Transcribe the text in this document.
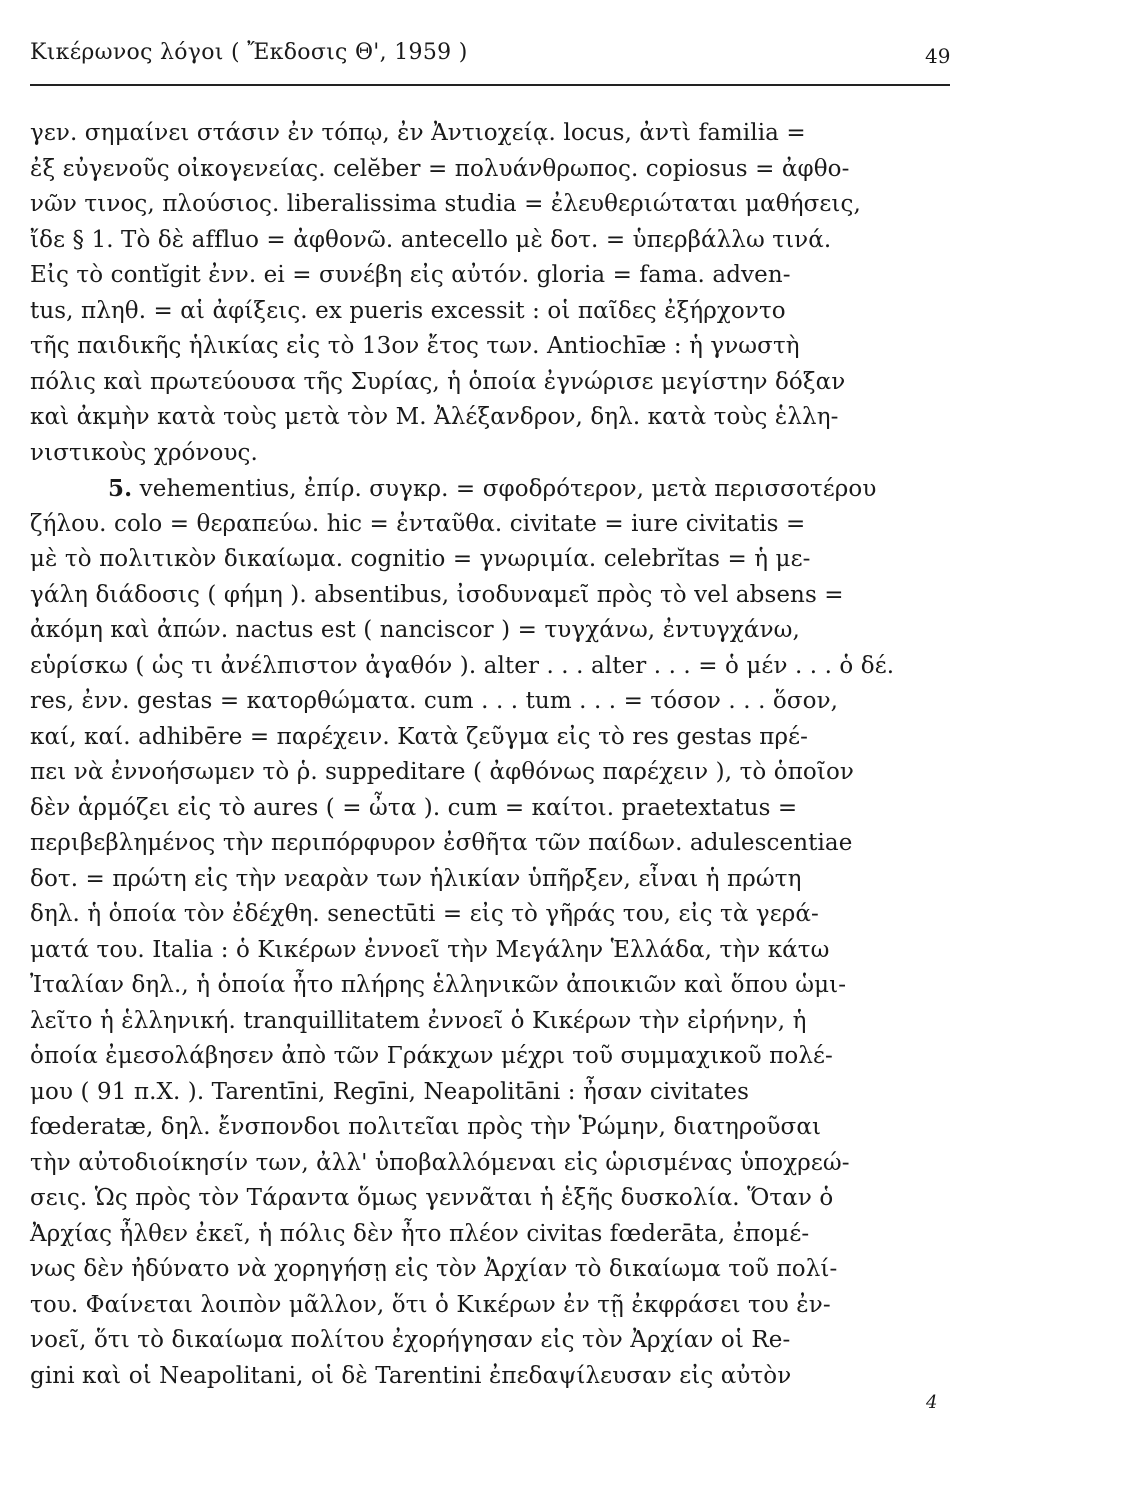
Κικέρωνος λόγοι ( Ἔκδοσις Θ', 1959 )	49
γεν. σημαίνει στάσιν ἐν τόπῳ, ἐν Ἀντιοχείᾳ. locus, ἀντὶ familia =
ἐξ εὐγενοῦς οἰκογενείας. celĕber = πολυάνθρωπος. copiosus = ἀφθο-
νῶν τινος, πλούσιος. liberalissima studia = ἐλευθεριώταται μαθήσεις,
ἴδε § 1. Τὸ δὲ affluo = ἀφθονῶ. antecello μὲ δοτ. = ὑπερβάλλω τινά.
Εἰς τὸ contĭgit ἐνν. ei = συνέβη εἰς αὐτόν. gloria = fama. adven-
tus, πληθ. = αἱ ἀφίξεις. ex pueris excessit : οἱ παῖδες ἐξήρχοντο
τῆς παιδικῆς ἡλικίας εἰς τὸ 13ον ἔτος των. Antiochīæ : ἡ γνωστὴ
πόλις καὶ πρωτεύουσα τῆς Συρίας, ἡ ὁποία ἐγνώρισε μεγίστην δόξαν
καὶ ἀκμὴν κατὰ τοὺς μετὰ τὸν Μ. Ἀλέξανδρον, δηλ. κατὰ τοὺς ἑλλη-
νιστικοὺς χρόνους.
5. vehementius, ἐπίρ. συγκρ. = σφοδρότερον, μετὰ περισσοτέρου
ζήλου. colo = θεραπεύω. hic = ἐνταῦθα. civitate = iure civitatis =
μὲ τὸ πολιτικὸν δικαίωμα. cognitio = γνωριμία. celebrĭtas = ἡ με-
γάλη διάδοσις ( φήμη ). absentibus, ἰσοδυναμεῖ πρὸς τὸ vel absens =
ἀκόμη καὶ ἀπών. nactus est ( nanciscor ) = τυγχάνω, ἐντυγχάνω,
εὑρίσκω ( ὡς τι ἀνέλπιστον ἀγαθόν ). alter . . . alter . . . = ὁ μέν . . . ὁ δέ.
res, ἐνν. gestas = κατορθώματα. cum . . . tum . . . = τόσον . . . ὅσον,
καί, καί. adhibēre = παρέχειν. Κατὰ ζεῦγμα εἰς τὸ res gestas πρέ-
πει νὰ ἐννοήσωμεν τὸ ῥ. suppeditare ( ἀφθόνως παρέχειν ), τὸ ὁποῖον
δὲν ἁρμόζει εἰς τὸ aures ( = ὦτα ). cum = καίτοι. praetextatus =
περιβεβλημένος τὴν περιπόρφυρον ἐσθῆτα τῶν παίδων. adulescentiae
δοτ. = πρώτη εἰς τὴν νεαρὰν των ἡλικίαν ὑπῆρξεν, εἶναι ἡ πρώτη
δηλ. ἡ ὁποία τὸν ἐδέχθη. senectūti = εἰς τὸ γῆράς του, εἰς τὰ γερά-
ματά του. Italia : ὁ Κικέρων ἐννοεῖ τὴν Μεγάλην Ἑλλάδα, τὴν κάτω
Ἰταλίαν δηλ., ἡ ὁποία ἦτο πλήρης ἑλληνικῶν ἀποικιῶν καὶ ὅπου ὡμι-
λεῖτο ἡ ἑλληνική. tranquillitatem ἐννοεῖ ὁ Κικέρων τὴν εἰρήνην, ἡ
ὁποία ἐμεσολάβησεν ἀπὸ τῶν Γράκχων μέχρι τοῦ συμμαχικοῦ πολέ-
μου ( 91 π.Χ. ). Tarentīni, Regīni, Neapolitāni : ἦσαν civitates
fœderatæ, δηλ. ἔνσπονδοι πολιτεῖαι πρὸς τὴν Ῥώμην, διατηροῦσαι
τὴν αὐτοδιοίκησίν των, ἀλλ' ὑποβαλλόμεναι εἰς ὡρισμένας ὑποχρεώ-
σεις. Ὡς πρὸς τὸν Τάραντα ὅμως γεννᾶται ἡ ἑξῆς δυσκολία. Ὅταν ὁ
Ἀρχίας ἦλθεν ἐκεῖ, ἡ πόλις δὲν ἦτο πλέον civitas fœderāta, ἐπομέ-
νως δὲν ἠδύνατο νὰ χορηγήσῃ εἰς τὸν Ἀρχίαν τὸ δικαίωμα τοῦ πολί-
του. Φαίνεται λοιπὸν μᾶλλον, ὅτι ὁ Κικέρων ἐν τῇ ἐκφράσει του ἐν-
νοεῖ, ὅτι τὸ δικαίωμα πολίτου ἐχορήγησαν εἰς τὸν Ἀρχίαν οἱ Re-
gini καὶ οἱ Neapolitani, οἱ δὲ Tarentini ἐπεδαψίλευσαν εἰς αὐτὸν
4
